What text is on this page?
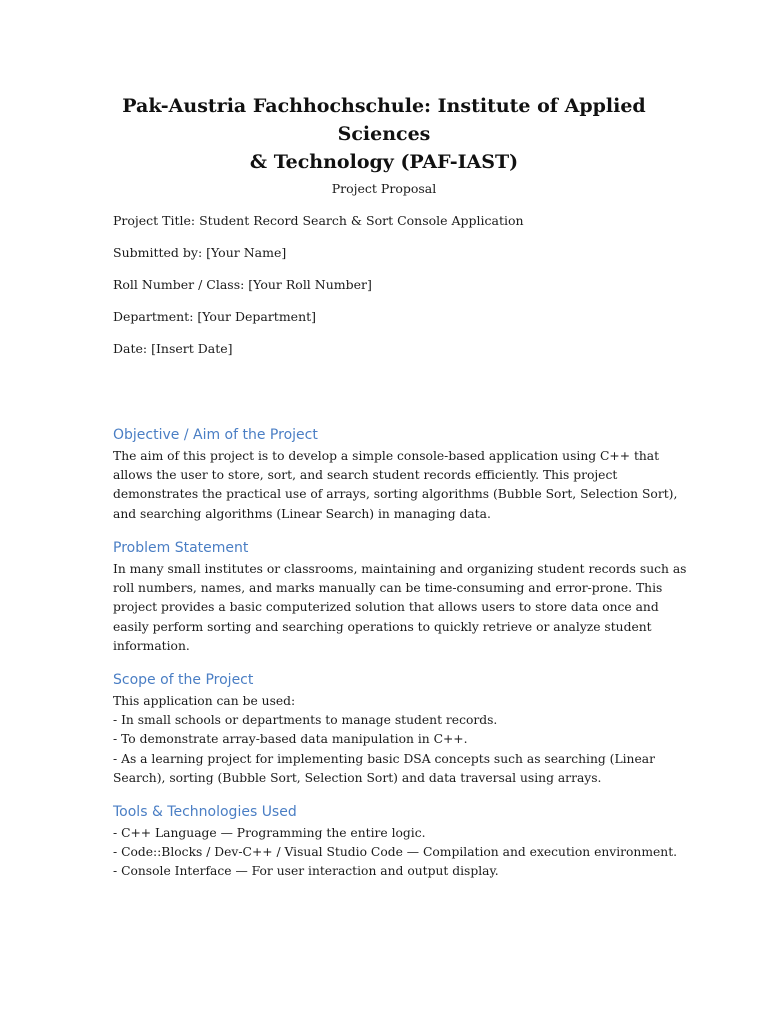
Pak-Austria Fachhochschule: Institute of Applied Sciences
& Technology (PAF-IAST)
Project Proposal
Project Title: Student Record Search & Sort Console Application
Submitted by: [Your Name]
Roll Number / Class: [Your Roll Number]
Department: [Your Department]
Date: [Insert Date]
Objective / Aim of the Project
The aim of this project is to develop a simple console-based application using C++ that
allows the user to store, sort, and search student records efficiently. This project
demonstrates the practical use of arrays, sorting algorithms (Bubble Sort, Selection Sort),
and searching algorithms (Linear Search) in managing data.
Problem Statement
In many small institutes or classrooms, maintaining and organizing student records such as
roll numbers, names, and marks manually can be time-consuming and error-prone. This
project provides a basic computerized solution that allows users to store data once and
easily perform sorting and searching operations to quickly retrieve or analyze student
information.
Scope of the Project
This application can be used:
- In small schools or departments to manage student records.
- To demonstrate array-based data manipulation in C++.
- As a learning project for implementing basic DSA concepts such as searching (Linear
Search), sorting (Bubble Sort, Selection Sort) and data traversal using arrays.
Tools & Technologies Used
- C++ Language — Programming the entire logic.
- Code::Blocks / Dev-C++ / Visual Studio Code — Compilation and execution environment.
- Console Interface — For user interaction and output display.
